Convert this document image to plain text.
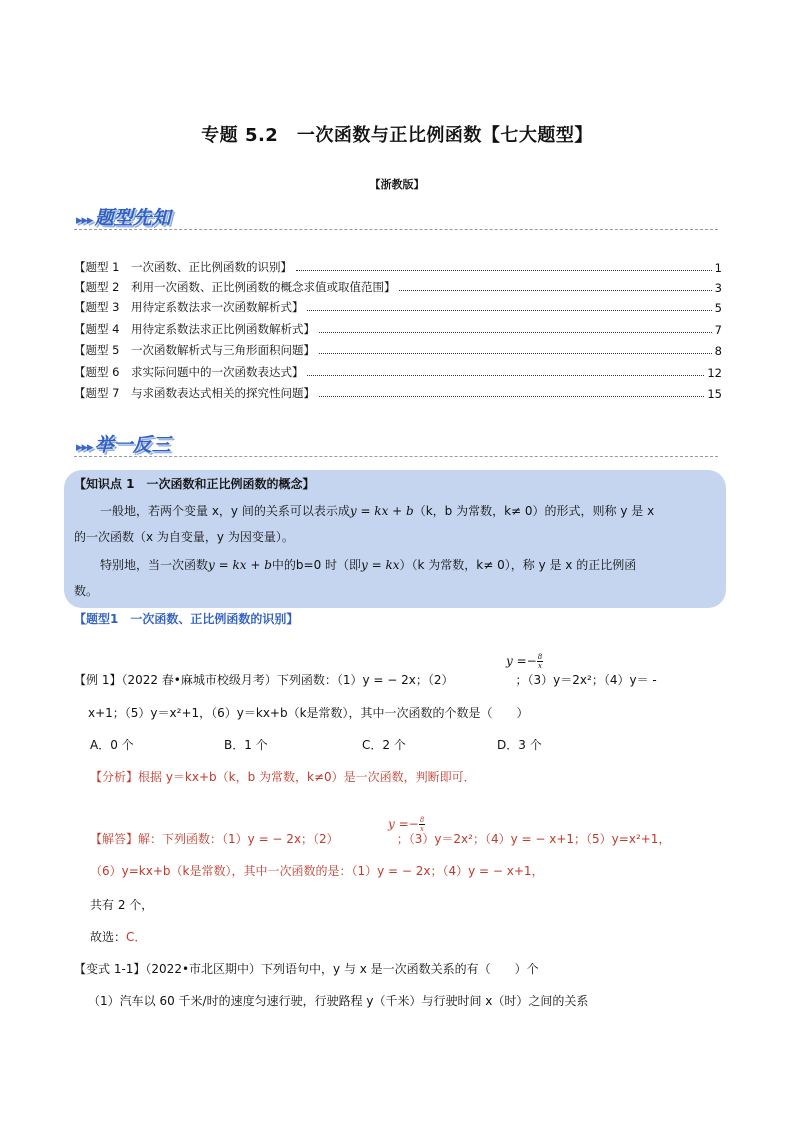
专题 5.2　一次函数与正比例函数【七大题型】
【浙教版】
▸▸▸ 题型先知
【题型 1　一次函数、正比例函数的识别】	1
【题型 2　利用一次函数、正比例函数的概念求值或取值范围】	3
【题型 3　用待定系数法求一次函数解析式】	5
【题型 4　用待定系数法求正比例函数解析式】	7
【题型 5　一次函数解析式与三角形面积问题】	8
【题型 6　求实际问题中的一次函数表达式】	12
【题型 7　与求函数表达式相关的探究性问题】	15
▸▸▸ 举一反三
【知识点 1　一次函数和正比例函数的概念】
一般地，若两个变量 x，y 间的关系可以表示成y = kx + b（k，b 为常数，k≠ 0）的形式，则称 y 是 x
的一次函数（x 为自变量，y 为因变量）。
特别地，当一次函数y = kx + b中的b=0 时（即y = kx）（k 为常数，k≠ 0），称 y 是 x 的正比例函
数。
【题型1　一次函数、正比例函数的识别】
$y =- \frac{8}{x}$
【例 1】（2022 春•麻城市校级月考）下列函数：（1）y = − 2x；（2）	；（3）y＝2x²；（4）y＝ -
x+1；（5）y＝x²+1，（6）y＝kx+b（k是常数），其中一次函数的个数是（　　）
A．0 个	B．1 个	C．2 个	D．3 个
【分析】根据 y＝kx+b（k，b 为常数，k≠0）是一次函数，判断即可．
$y =- \frac{8}{x}$
【解答】解：下列函数：（1）y = − 2x；（2）	；（3）y＝2x²；（4）y = − x+1；（5）y=x²+1，
（6）y=kx+b（k是常数），其中一次函数的是：（1）y = − 2x；（4）y = − x+1，
共有 2 个，
故选：C．
【变式 1-1】（2022•市北区期中）下列语句中，y 与 x 是一次函数关系的有（　　）个
（1）汽车以 60 千米/时的速度匀速行驶，行驶路程 y（千米）与行驶时间 x（时）之间的关系
